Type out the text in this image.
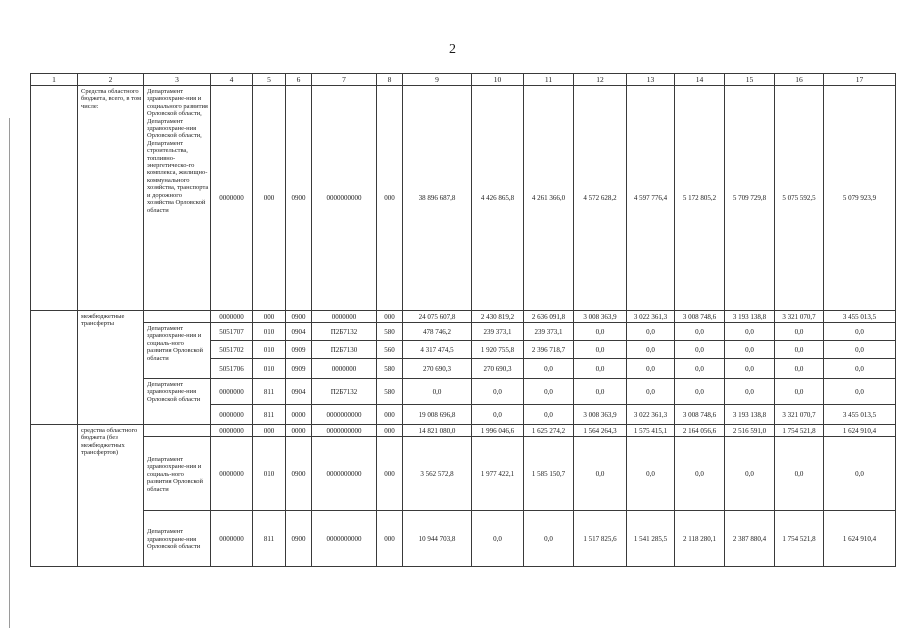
2
1	2	3	4	5	6	7	8	9	10	11	12	13	14	15	16	17
	Средства областного бюджета, всего, в том числе:	Департамент здравоохране-ния и социального развития Орловской области, Департамент здравоохране-ния Орловской области, Департамент строительства, топливно-энергетическо-го комплекса, жилищно-коммунального хозяйства, транспорта и дорожного хозяйства Орловской области	0000000	000	0900	0000000000	000	38 896 687,8	4 426 865,8	4 261 366,0	4 572 628,2	4 597 776,4	5 172 805,2	5 709 729,8	5 075 592,5	5 079 923,9
	межбюджетные трансферты		0000000	000	0900	0000000	000	24 075 607,8	2 430 819,2	2 636 091,8	3 008 363,9	3 022 361,3	3 008 748,6	3 193 138,8	3 321 070,7	3 455 013,5
		Департамент здравоохране-ния и социаль-ного развития Орловской области	5051707	010	0904	П2Б7132	580	478 746,2	239 373,1	239 373,1	0,0	0,0	0,0	0,0	0,0	0,0
			5051702	010	0909	П2Б7130	560	4 317 474,5	1 920 755,8	2 396 718,7	0,0	0,0	0,0	0,0	0,0	0,0
			5051706	010	0909	0000000	580	270 690,3	270 690,3	0,0	0,0	0,0	0,0	0,0	0,0	0,0
		Департамент здравоохране-ния Орловской области	0000000	811	0904	П2Б7132	580	0,0	0,0	0,0	0,0	0,0	0,0	0,0	0,0	0,0
			0000000	811	0000	0000000000	000	19 008 696,8	0,0	0,0	3 008 363,9	3 022 361,3	3 008 748,6	3 193 138,8	3 321 070,7	3 455 013,5
	средства областного бюджета (без межбюджетных трансфертов)		0000000	000	0000	0000000000	000	14 821 080,0	1 996 046,6	1 625 274,2	1 564 264,3	1 575 415,1	2 164 056,6	2 516 591,0	1 754 521,8	1 624 910,4
		Департамент здравоохране-ния и социаль-ного развития Орловской области	0000000	010	0900	0000000000	000	3 562 572,8	1 977 422,1	1 585 150,7	0,0	0,0	0,0	0,0	0,0	0,0
		Департамент здравоохране-ния Орловской области	0000000	811	0900	0000000000	000	10 944 703,8	0,0	0,0	1 517 825,6	1 541 285,5	2 118 280,1	2 387 880,4	1 754 521,8	1 624 910,4
